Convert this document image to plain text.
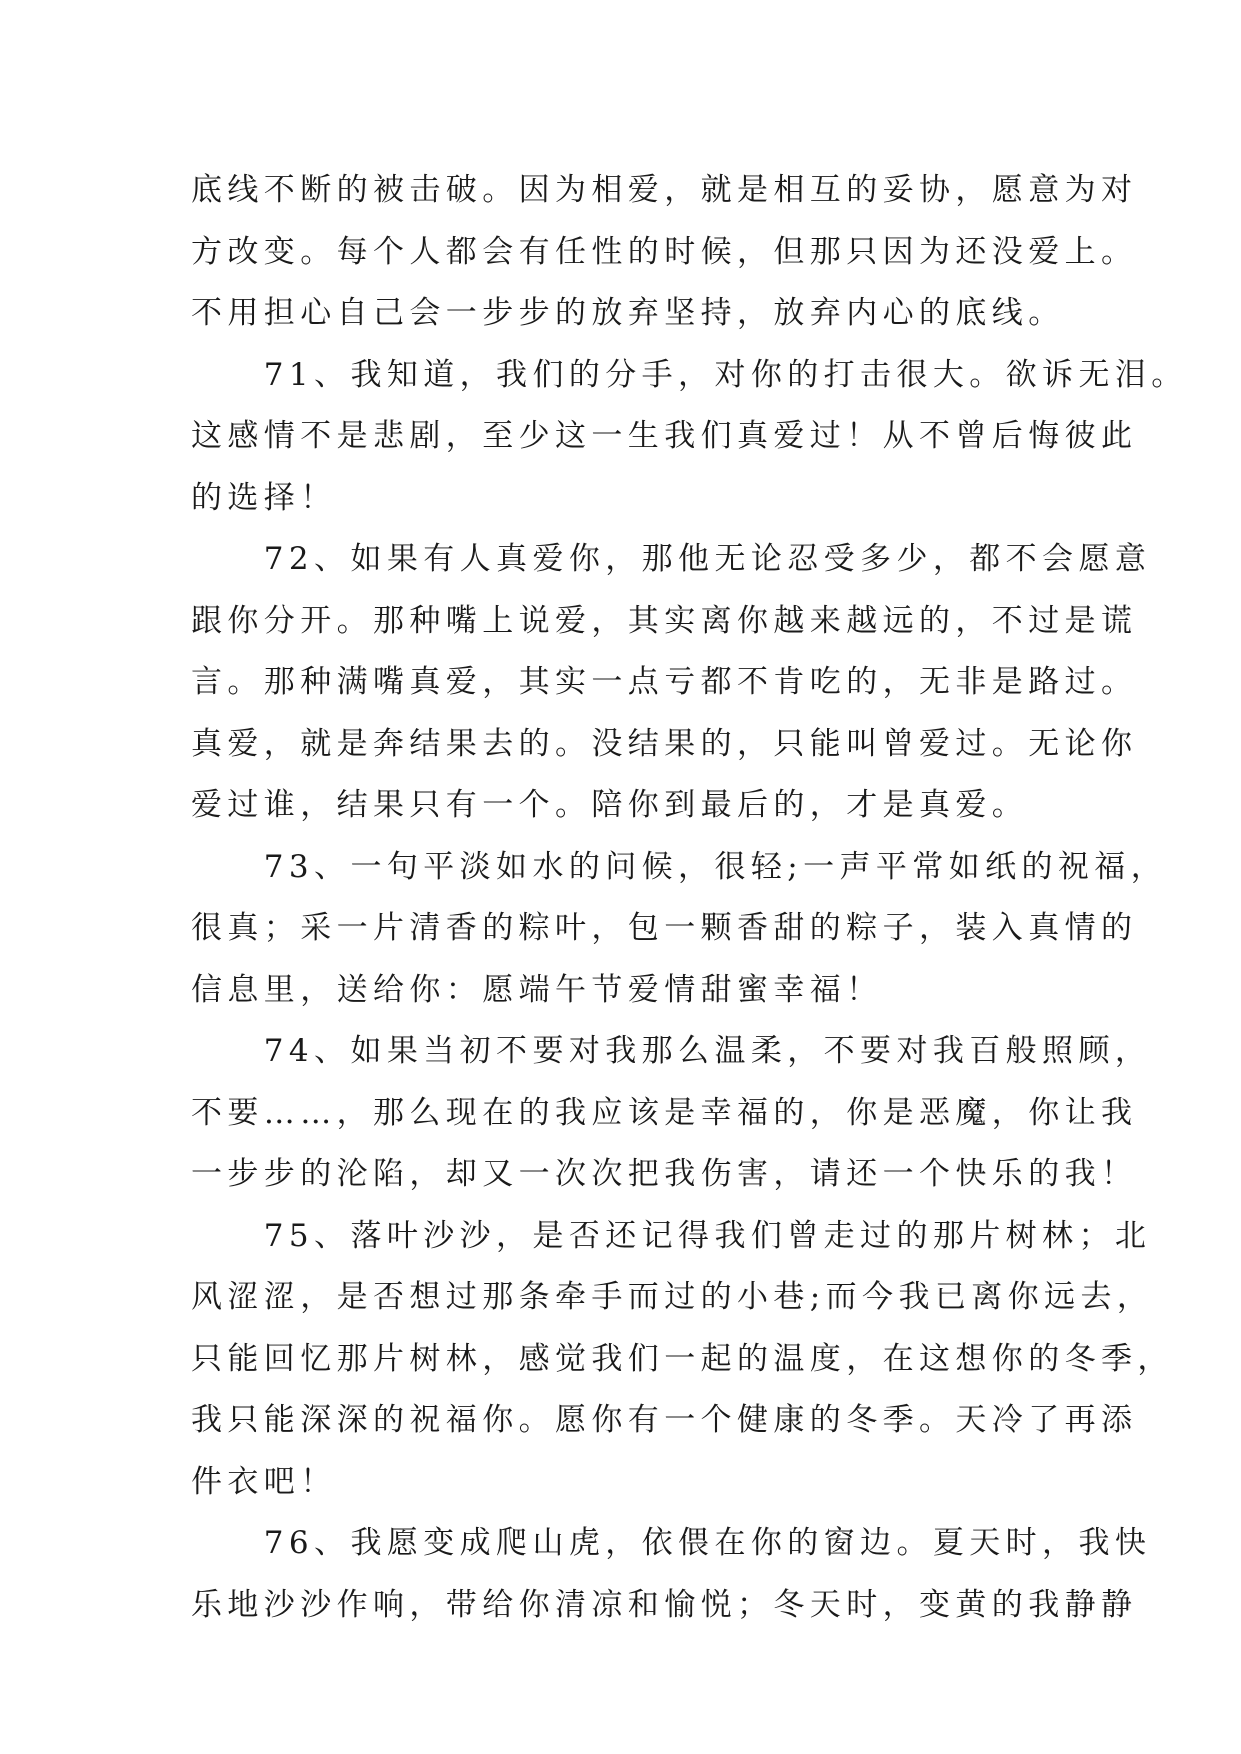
底线不断的被击破。因为相爱，就是相互的妥协，愿意为对
方改变。每个人都会有任性的时候，但那只因为还没爱上。
不用担心自己会一步步的放弃坚持，放弃内心的底线。
　　71、我知道，我们的分手，对你的打击很大。欲诉无泪。
这感情不是悲剧，至少这一生我们真爱过！从不曾后悔彼此
的选择！
　　72、如果有人真爱你，那他无论忍受多少，都不会愿意
跟你分开。那种嘴上说爱，其实离你越来越远的，不过是谎
言。那种满嘴真爱，其实一点亏都不肯吃的，无非是路过。
真爱，就是奔结果去的。没结果的，只能叫曾爱过。无论你
爱过谁，结果只有一个。陪你到最后的，才是真爱。
　　73、一句平淡如水的问候，很轻;一声平常如纸的祝福，
很真；采一片清香的粽叶，包一颗香甜的粽子，装入真情的
信息里，送给你：愿端午节爱情甜蜜幸福！
　　74、如果当初不要对我那么温柔，不要对我百般照顾，
不要……，那么现在的我应该是幸福的，你是恶魔，你让我
一步步的沦陷，却又一次次把我伤害，请还一个快乐的我！
　　75、落叶沙沙，是否还记得我们曾走过的那片树林；北
风涩涩，是否想过那条牵手而过的小巷;而今我已离你远去，
只能回忆那片树林，感觉我们一起的温度，在这想你的冬季，
我只能深深的祝福你。愿你有一个健康的冬季。天冷了再添
件衣吧！
　　76、我愿变成爬山虎，依偎在你的窗边。夏天时，我快
乐地沙沙作响，带给你清凉和愉悦；冬天时，变黄的我静静
